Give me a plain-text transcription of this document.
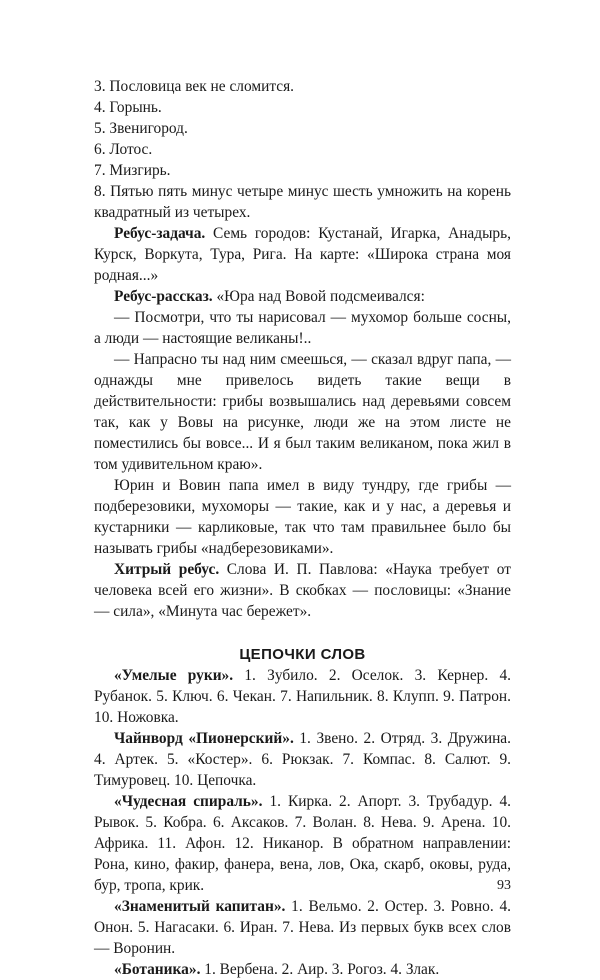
3. Пословица век не сломится.

4. Горынь.

5. Звенигород.

6. Лотос.

7. Мизгирь.

8. Пятью пять минус четыре минус шесть умножить на корень квадратный из четырех.

Ребус-задача. Семь городов: Кустанай, Игарка, Анадырь, Курск, Воркута, Тура, Рига. На карте: «Широка страна моя родная...»

Ребус-рассказ. «Юра над Вовой подсмеивался:

— Посмотри, что ты нарисовал — мухомор больше сосны, а люди — настоящие великаны!..

— Напрасно ты над ним смеешься, — сказал вдруг папа, — однажды мне привелось видеть такие вещи в действительности: грибы возвышались над деревьями совсем так, как у Вовы на рисунке, люди же на этом листе не поместились бы вовсе... И я был таким великаном, пока жил в том удивительном краю».

Юрин и Вовин папа имел в виду тундру, где грибы — подберезовики, мухоморы — такие, как и у нас, а деревья и кустарники — карликовые, так что там правильнее было бы называть грибы «надберезовиками».

Хитрый ребус. Слова И. П. Павлова: «Наука требует от человека всей его жизни». В скобках — пословицы: «Знание — сила», «Минута час бережет».

ЦЕПОЧКИ СЛОВ

«Умелые руки». 1. Зубило. 2. Оселок. 3. Кернер. 4. Рубанок. 5. Ключ. 6. Чекан. 7. Напильник. 8. Клупп. 9. Патрон. 10. Ножовка.

Чайнворд «Пионерский». 1. Звено. 2. Отряд. 3. Дружина. 4. Артек. 5. «Костер». 6. Рюкзак. 7. Компас. 8. Салют. 9. Тимуровец. 10. Цепочка.

«Чудесная спираль». 1. Кирка. 2. Апорт. 3. Трубадур. 4. Рывок. 5. Кобра. 6. Аксаков. 7. Волан. 8. Нева. 9. Арена. 10. Африка. 11. Афон. 12. Никанор. В обратном направлении: Рона, кино, факир, фанера, вена, лов, Ока, скарб, оковы, руда, бур, тропа, крик.

«Знаменитый капитан». 1. Вельмо. 2. Остер. 3. Ровно. 4. Онон. 5. Нагасаки. 6. Иран. 7. Нева. Из первых букв всех слов — Воронин.

«Ботаника». 1. Вербена. 2. Аир. 3. Рогоз. 4. Злак.

93
